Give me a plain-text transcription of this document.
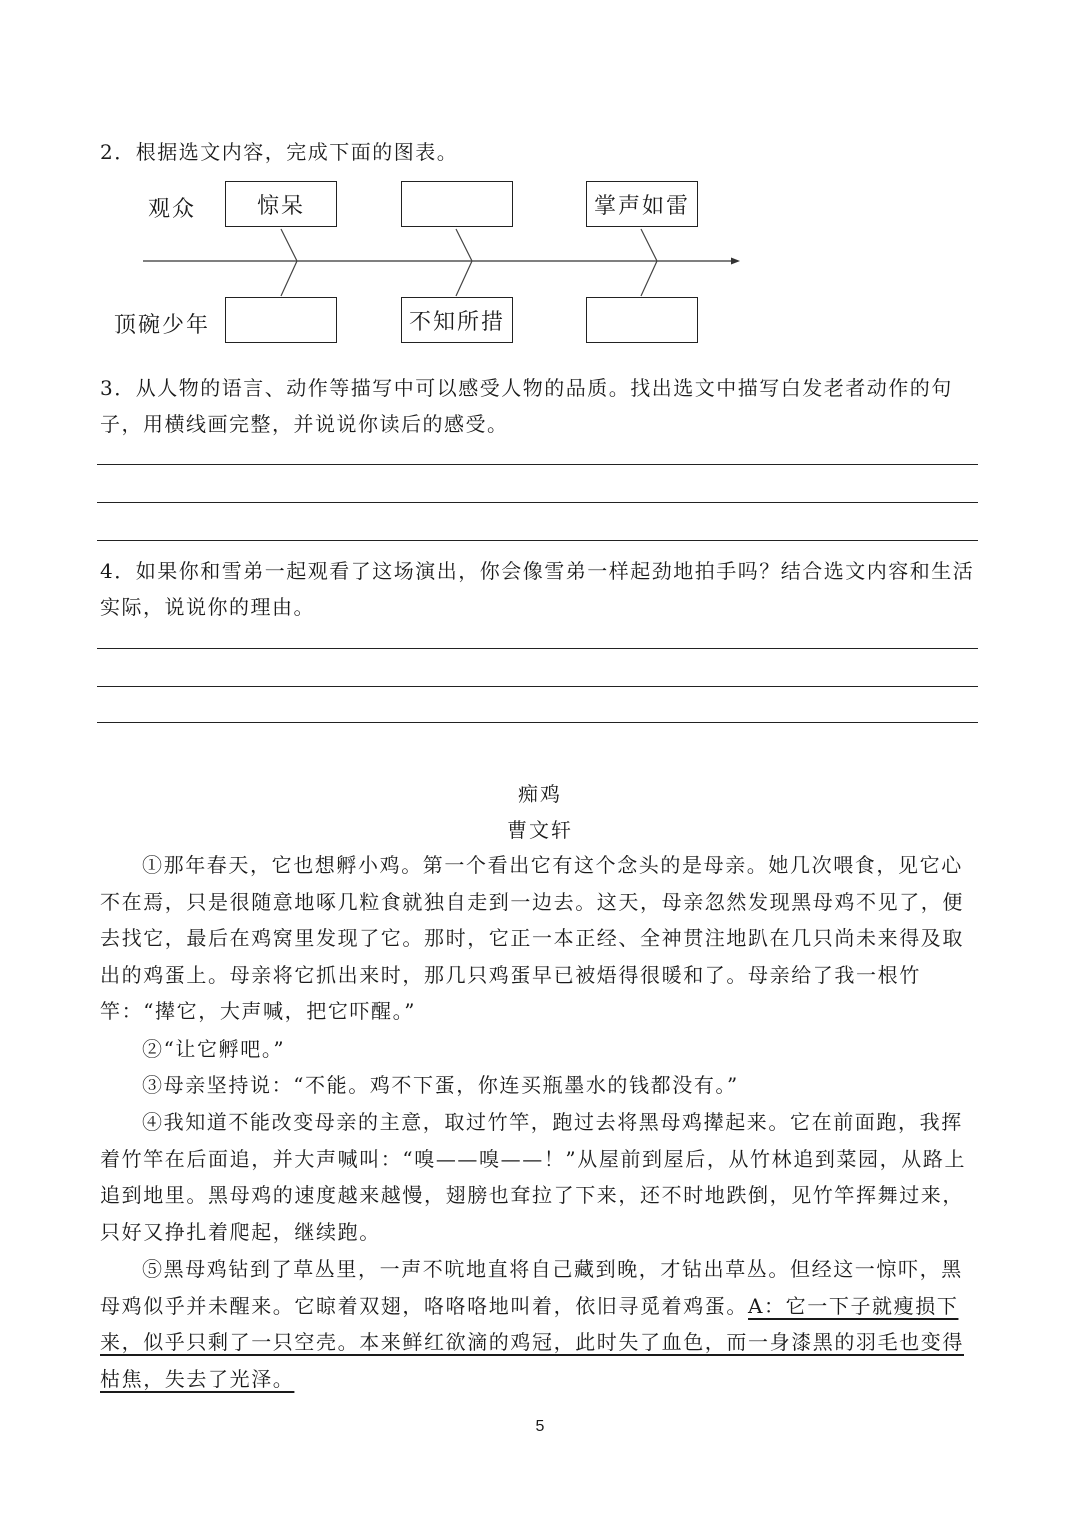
2．根据选文内容，完成下面的图表。

观众
顶碗少年
惊呆	掌声如雷
不知所措

3．从人物的语言、动作等描写中可以感受人物的品质。找出选文中描写白发老者动作的句子，用横线画完整，并说说你读后的感受。

4．如果你和雪弟一起观看了这场演出，你会像雪弟一样起劲地拍手吗？结合选文内容和生活实际，说说你的理由。

痴鸡

曹文轩

①那年春天，它也想孵小鸡。第一个看出它有这个念头的是母亲。她几次喂食，见它心不在焉，只是很随意地啄几粒食就独自走到一边去。这天，母亲忽然发现黑母鸡不见了，便去找它，最后在鸡窝里发现了它。那时，它正一本正经、全神贯注地趴在几只尚未来得及取出的鸡蛋上。母亲将它抓出来时，那几只鸡蛋早已被焐得很暖和了。母亲给了我一根竹竿：“撵它，大声喊，把它吓醒。”

②“让它孵吧。”

③母亲坚持说：“不能。鸡不下蛋，你连买瓶墨水的钱都没有。”

④我知道不能改变母亲的主意，取过竹竿，跑过去将黑母鸡撵起来。它在前面跑，我挥着竹竿在后面追，并大声喊叫：“嗅——嗅——！”从屋前到屋后，从竹林追到菜园，从路上追到地里。黑母鸡的速度越来越慢，翅膀也耷拉了下来，还不时地跌倒，见竹竿挥舞过来，只好又挣扎着爬起，继续跑。

⑤黑母鸡钻到了草丛里，一声不吭地直将自己藏到晚，才钻出草丛。但经这一惊吓，黑母鸡似乎并未醒来。它晾着双翅，咯咯咯地叫着，依旧寻觅着鸡蛋。A：它一下子就瘦损下来，似乎只剩了一只空壳。本来鲜红欲滴的鸡冠，此时失了血色，而一身漆黑的羽毛也变得枯焦，失去了光泽。

5
